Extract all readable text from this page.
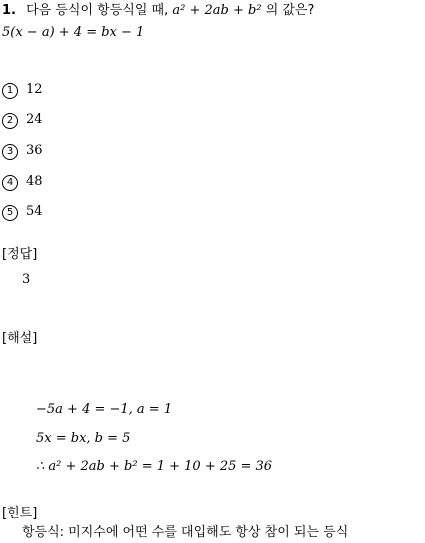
1. 다음 등식이 항등식일 때, a² + 2ab + b² 의 값은?
5(x − a) + 4 = bx − 1
1 12
2 24
3 36
4 48
5 54
[정답]
3
[해설]
−5a + 4 = −1, a = 1
5x = bx, b = 5
∴ a² + 2ab + b² = 1 + 10 + 25 = 36
[힌트]
항등식: 미지수에 어떤 수를 대입해도 항상 참이 되는 등식
